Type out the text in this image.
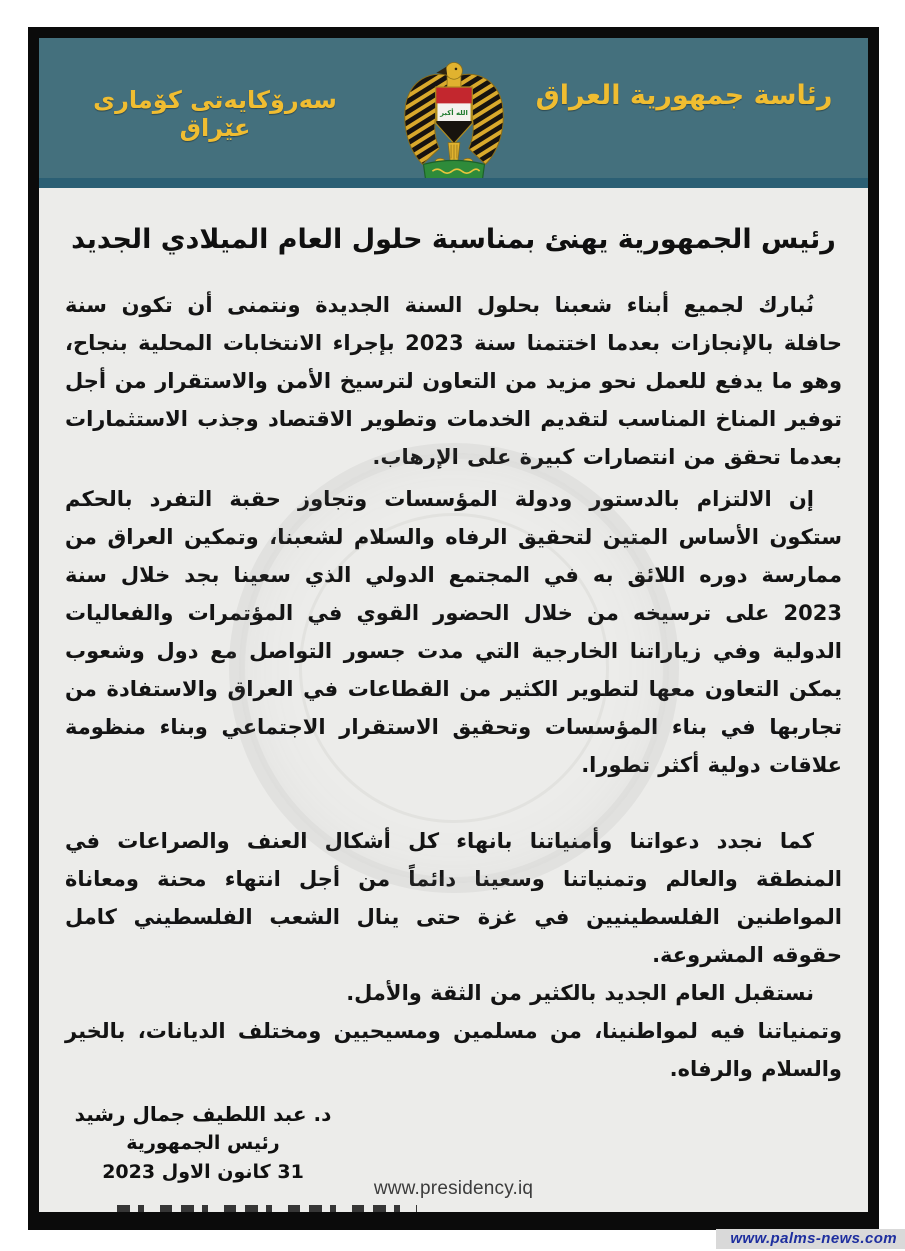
سەرۆکایەتی کۆماری عێراق
رئاسة جمهورية العراق
الله أكبر
رئيس الجمهورية يهنئ بمناسبة حلول العام الميلادي الجديد

نُبارك لجميع أبناء شعبنا بحلول السنة الجديدة ونتمنى أن تكون سنة حافلة بالإنجازات بعدما اختتمنا سنة 2023 بإجراء الانتخابات المحلية بنجاح، وهو ما يدفع للعمل نحو مزيد من التعاون لترسيخ الأمن والاستقرار من أجل توفير المناخ المناسب لتقديم الخدمات وتطوير الاقتصاد وجذب الاستثمارات بعدما تحقق من انتصارات كبيرة على الإرهاب.

إن الالتزام بالدستور ودولة المؤسسات وتجاوز حقبة التفرد بالحكم ستكون الأساس المتين لتحقيق الرفاه والسلام لشعبنا، وتمكين العراق من ممارسة دوره اللائق به في المجتمع الدولي الذي سعينا بجد خلال سنة 2023 على ترسيخه من خلال الحضور القوي في المؤتمرات والفعاليات الدولية وفي زياراتنا الخارجية التي مدت جسور التواصل مع دول وشعوب يمكن التعاون معها لتطوير الكثير من القطاعات في العراق والاستفادة من تجاربها في بناء المؤسسات وتحقيق الاستقرار الاجتماعي وبناء منظومة علاقات دولية أكثر تطورا.

كما نجدد دعواتنا وأمنياتنا بانهاء كل أشكال العنف والصراعات في المنطقة والعالم وتمنياتنا وسعينا دائماً من أجل انتهاء محنة ومعاناة المواطنين الفلسطينيين في غزة حتى ينال الشعب الفلسطيني كامل حقوقه المشروعة.

نستقبل العام الجديد بالكثير من الثقة والأمل.

وتمنياتنا فيه لمواطنينا، من مسلمين ومسيحيين ومختلف الديانات، بالخير والسلام والرفاه.

د. عبد اللطيف جمال رشيد
رئيس الجمهورية
31 كانون الاول 2023
www.presidency.iq
www.palms-news.com
